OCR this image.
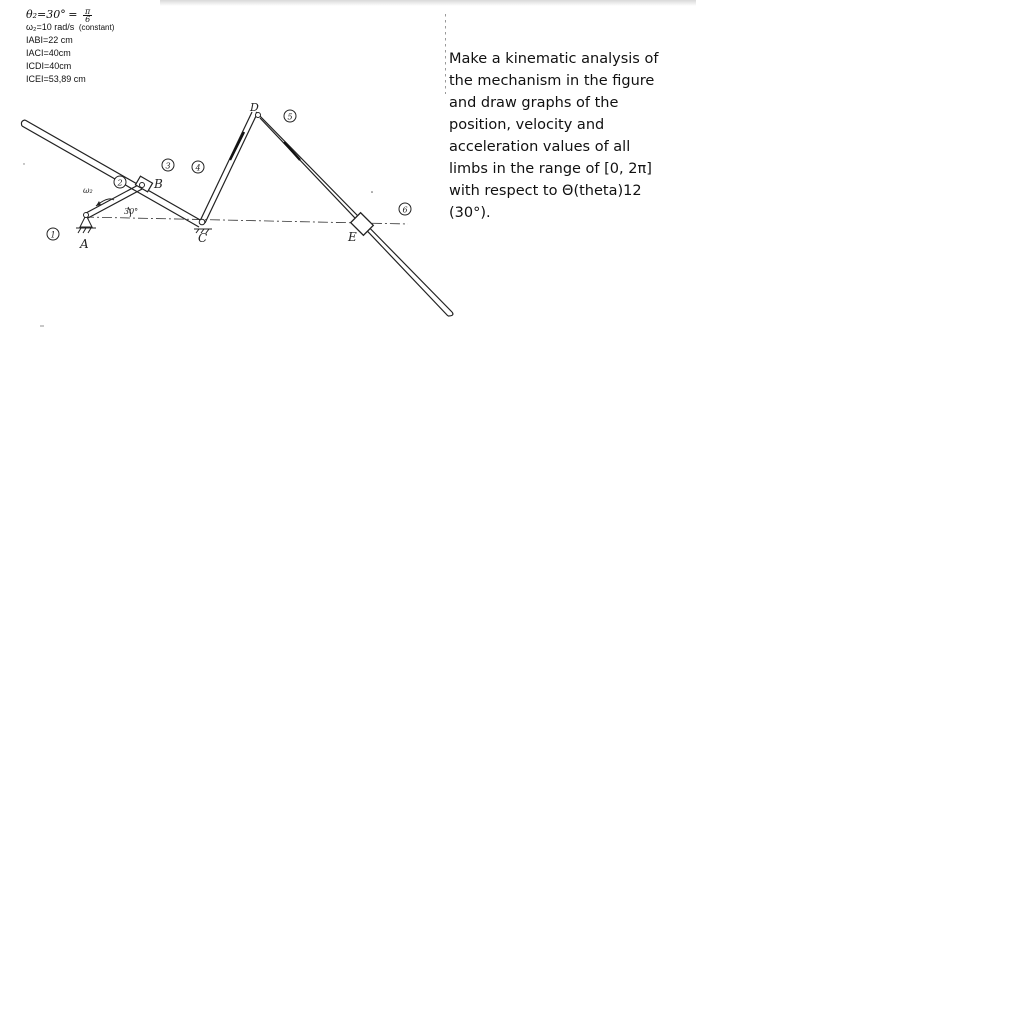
$\theta_2=30^\circ = \frac{\pi}{6}$
ω₂=10 rad/s (constant)
IABI=22 cm
IACI=40cm
ICDI=40cm
ICEI=53,89 cm
A
B
C
D
E
1
2
3	4
5
6
ω₂
30°
Make a kinematic analysis of the mechanism in the figure and draw graphs of the position, velocity and acceleration values of all limbs in the range of [0, 2π] with respect to Θ(theta)12 (30°).
